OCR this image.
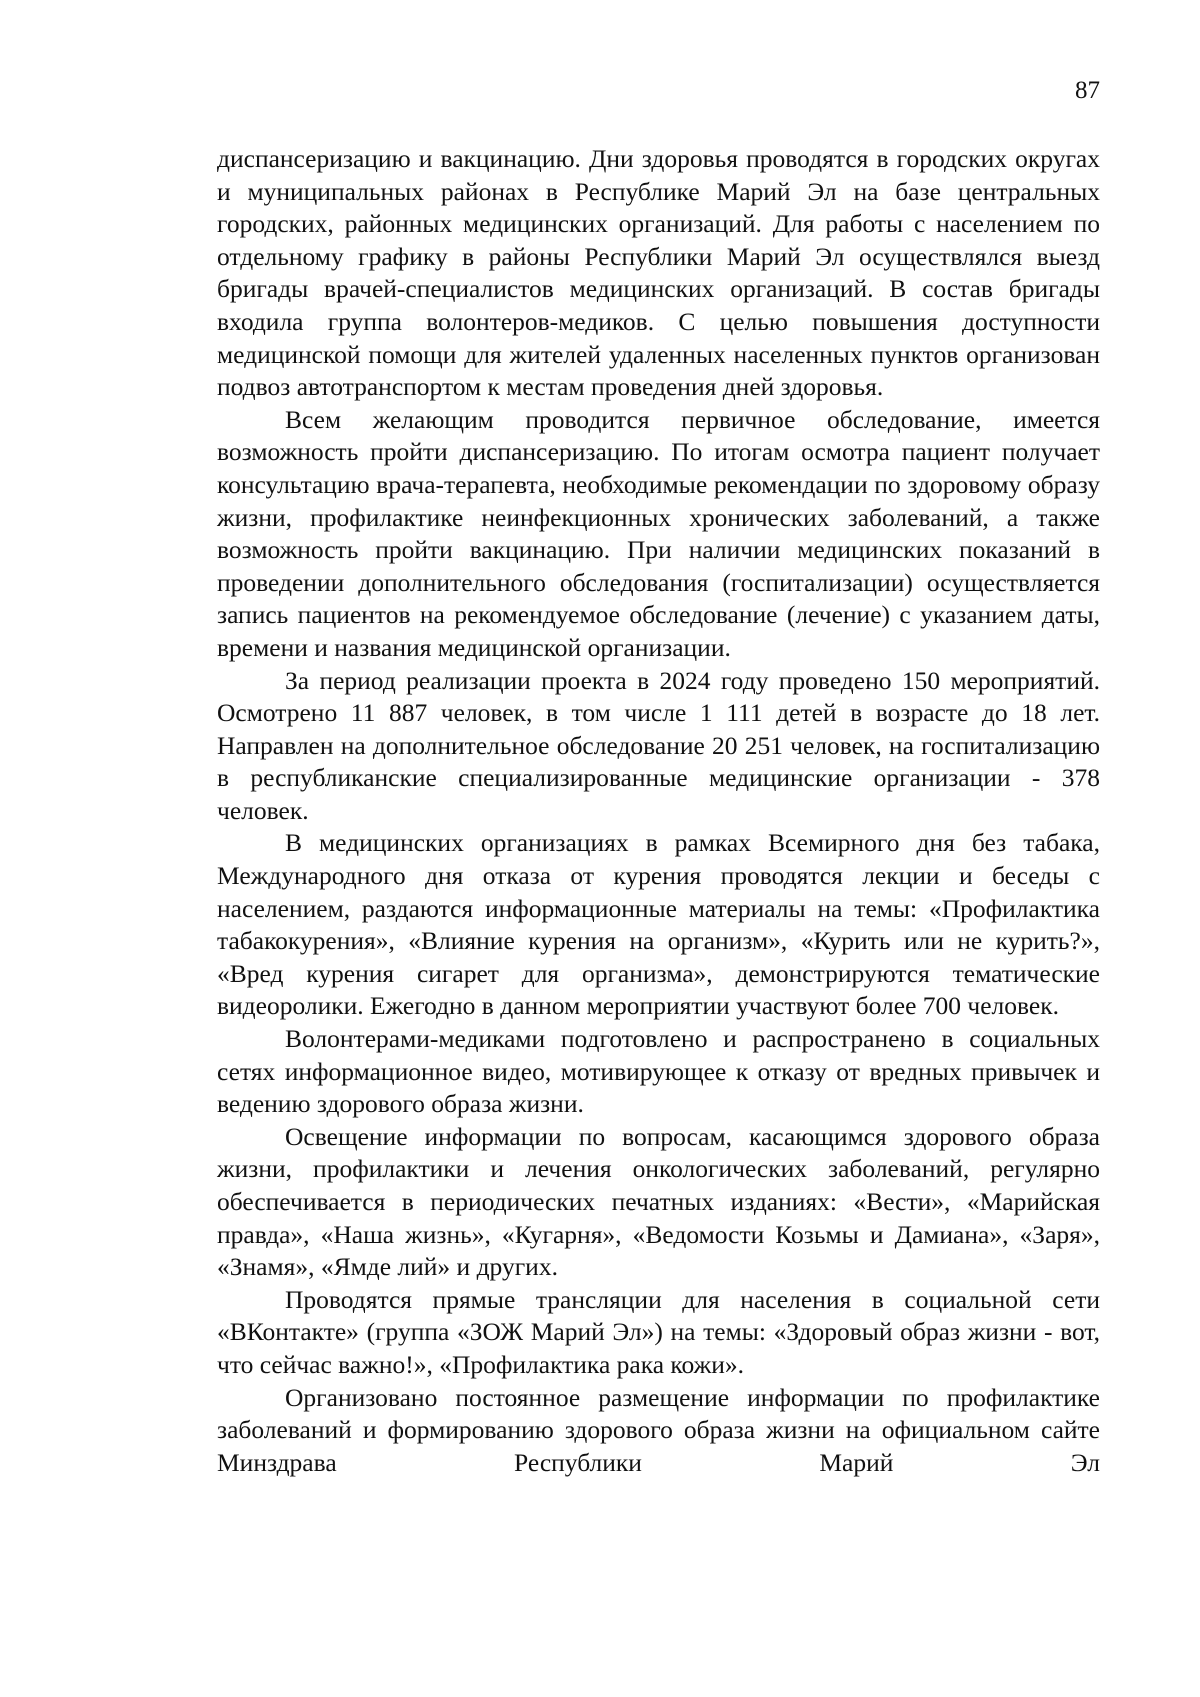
87

диспансеризацию и вакцинацию. Дни здоровья проводятся в городских округах и муниципальных районах в Республике Марий Эл на базе центральных городских, районных медицинских организаций. Для работы с населением по отдельному графику в районы Республики Марий Эл осуществлялся выезд бригады врачей-специалистов медицинских организаций. В состав бригады входила группа волонтеров-медиков. С целью повышения доступности медицинской помощи для жителей удаленных населенных пунктов организован подвоз автотранспортом к местам проведения дней здоровья.

Всем желающим проводится первичное обследование, имеется возможность пройти диспансеризацию. По итогам осмотра пациент получает консультацию врача-терапевта, необходимые рекомендации по здоровому образу жизни, профилактике неинфекционных хронических заболеваний, а также возможность пройти вакцинацию. При наличии медицинских показаний в проведении дополнительного обследования (госпитализации) осуществляется запись пациентов на рекомендуемое обследование (лечение) с указанием даты, времени и названия медицинской организации.

За период реализации проекта в 2024 году проведено 150 мероприятий. Осмотрено 11 887 человек, в том числе 1 111 детей в возрасте до 18 лет. Направлен на дополнительное обследование 20 251 человек, на госпитализацию в республиканские специализированные медицинские организации - 378 человек.

В медицинских организациях в рамках Всемирного дня без табака, Международного дня отказа от курения проводятся лекции и беседы с населением, раздаются информационные материалы на темы: «Профилактика табакокурения», «Влияние курения на организм», «Курить или не курить?», «Вред курения сигарет для организма», демонстрируются тематические видеоролики. Ежегодно в данном мероприятии участвуют более 700 человек.

Волонтерами-медиками подготовлено и распространено в социальных сетях информационное видео, мотивирующее к отказу от вредных привычек и ведению здорового образа жизни.

Освещение информации по вопросам, касающимся здорового образа жизни, профилактики и лечения онкологических заболеваний, регулярно обеспечивается в периодических печатных изданиях: «Вести», «Марийская правда», «Наша жизнь», «Кугарня», «Ведомости Козьмы и Дамиана», «Заря», «Знамя», «Ямде лий» и других.

Проводятся прямые трансляции для населения в социальной сети «ВКонтакте» (группа «ЗОЖ Марий Эл») на темы: «Здоровый образ жизни - вот, что сейчас важно!», «Профилактика рака кожи».

Организовано постоянное размещение информации по профилактике заболеваний и формированию здорового образа жизни на официальном сайте Минздрава Республики Марий Эл
